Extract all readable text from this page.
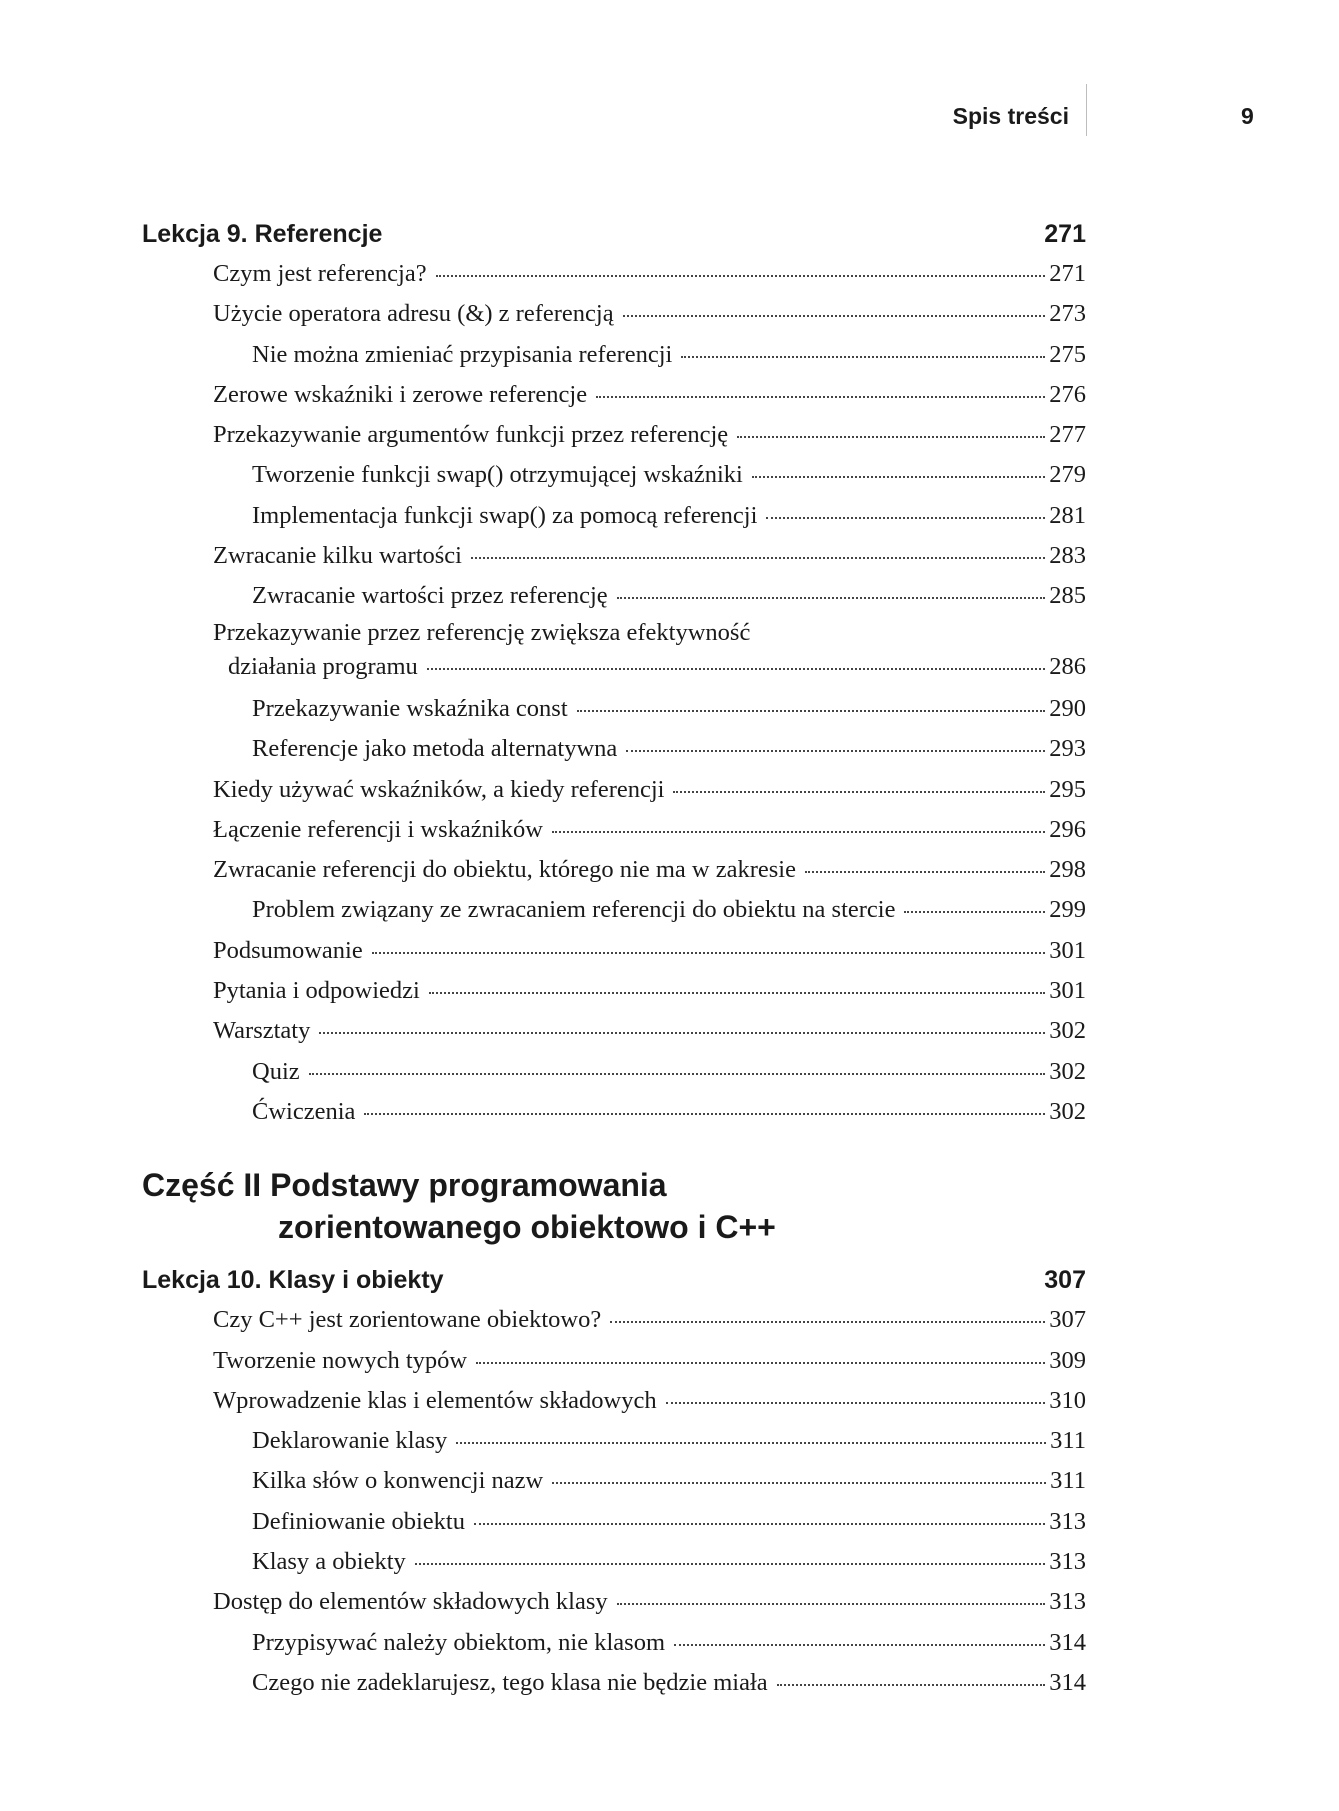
Spis treści	9
Lekcja 9. Referencje	271
Czym jest referencja?	271
Użycie operatora adresu (&) z referencją	273
Nie można zmieniać przypisania referencji	275
Zerowe wskaźniki i zerowe referencje	276
Przekazywanie argumentów funkcji przez referencję	277
Tworzenie funkcji swap() otrzymującej wskaźniki	279
Implementacja funkcji swap() za pomocą referencji	281
Zwracanie kilku wartości	283
Zwracanie wartości przez referencję	285
Przekazywanie przez referencję zwiększa efektywność
działania programu	286
Przekazywanie wskaźnika const	290
Referencje jako metoda alternatywna	293
Kiedy używać wskaźników, a kiedy referencji	295
Łączenie referencji i wskaźników	296
Zwracanie referencji do obiektu, którego nie ma w zakresie	298
Problem związany ze zwracaniem referencji do obiektu na stercie	299
Podsumowanie	301
Pytania i odpowiedzi	301
Warsztaty	302
Quiz	302
Ćwiczenia	302
Część II Podstawy programowania
zorientowanego obiektowo i C++
Lekcja 10. Klasy i obiekty	307
Czy C++ jest zorientowane obiektowo?	307
Tworzenie nowych typów	309
Wprowadzenie klas i elementów składowych	310
Deklarowanie klasy	311
Kilka słów o konwencji nazw	311
Definiowanie obiektu	313
Klasy a obiekty	313
Dostęp do elementów składowych klasy	313
Przypisywać należy obiektom, nie klasom	314
Czego nie zadeklarujesz, tego klasa nie będzie miała	314
